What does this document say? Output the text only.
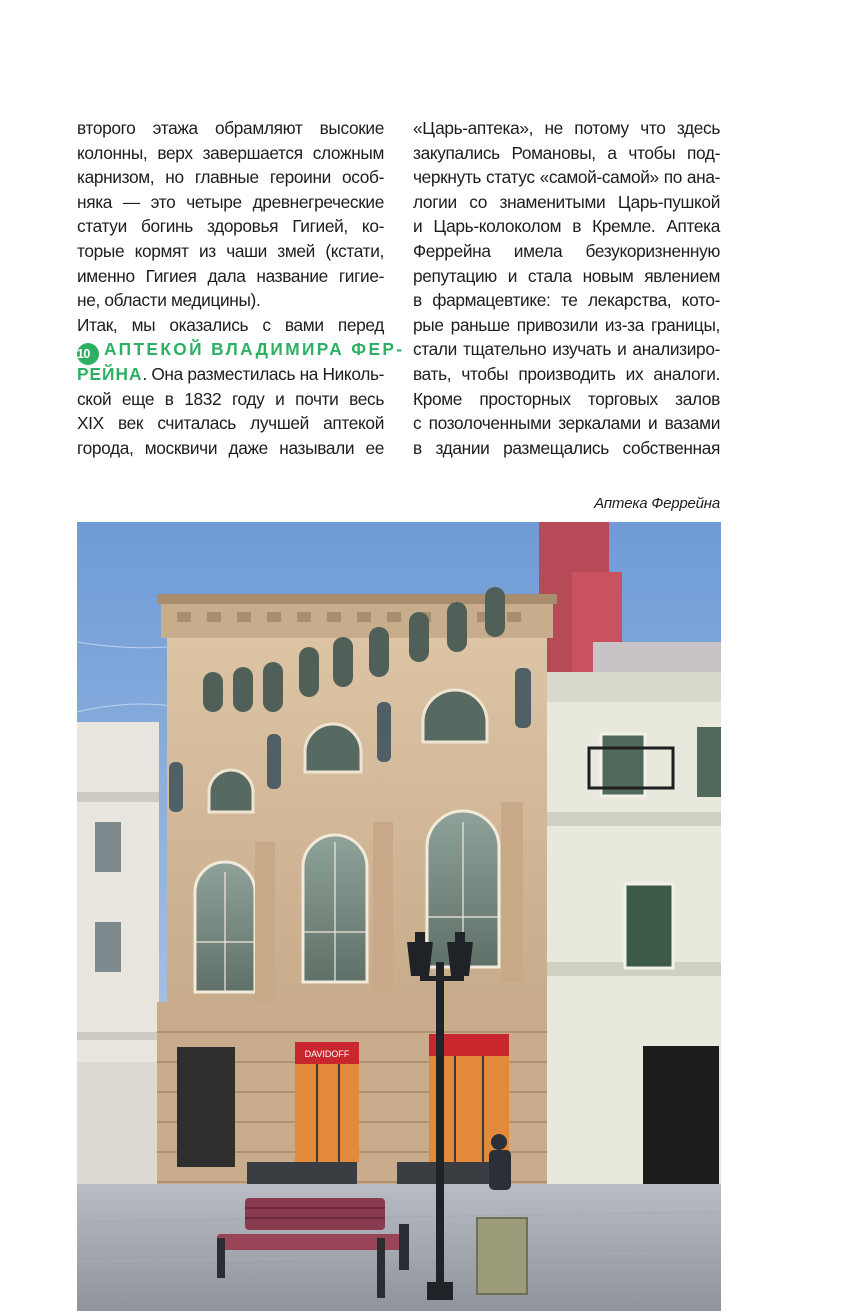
второго этажа обрамляют высокие
колонны, верх завершается сложным
карнизом, но главные героини особ-
няка — это четыре древнегреческие
статуи богинь здоровья Гигией, ко-
торые кормят из чаши змей (кстати,
именно Гигиея дала название гигие-
не, области медицины).
Итак, мы оказались с вами перед
10 АПТЕКОЙ ВЛАДИМИРА ФЕР-
РЕЙНА. Она разместилась на Николь-
ской еще в 1832 году и почти весь
XIX век считалась лучшей аптекой
города, москвичи даже называли ее
«Царь-аптека», не потому что здесь
закупались Романовы, а чтобы под-
черкнуть статус «самой-самой» по ана-
логии со знаменитыми Царь-пушкой
и Царь-колоколом в Кремле. Аптека
Феррейна имела безукоризненную
репутацию и стала новым явлением
в фармацевтике: те лекарства, кото-
рые раньше привозили из-за границы,
стали тщательно изучать и анализиро-
вать, чтобы производить их аналоги.
Кроме просторных торговых залов
с позолоченными зеркалами и вазами
в здании размещались собственная
Аптека Феррейна
DAVIDOFF
